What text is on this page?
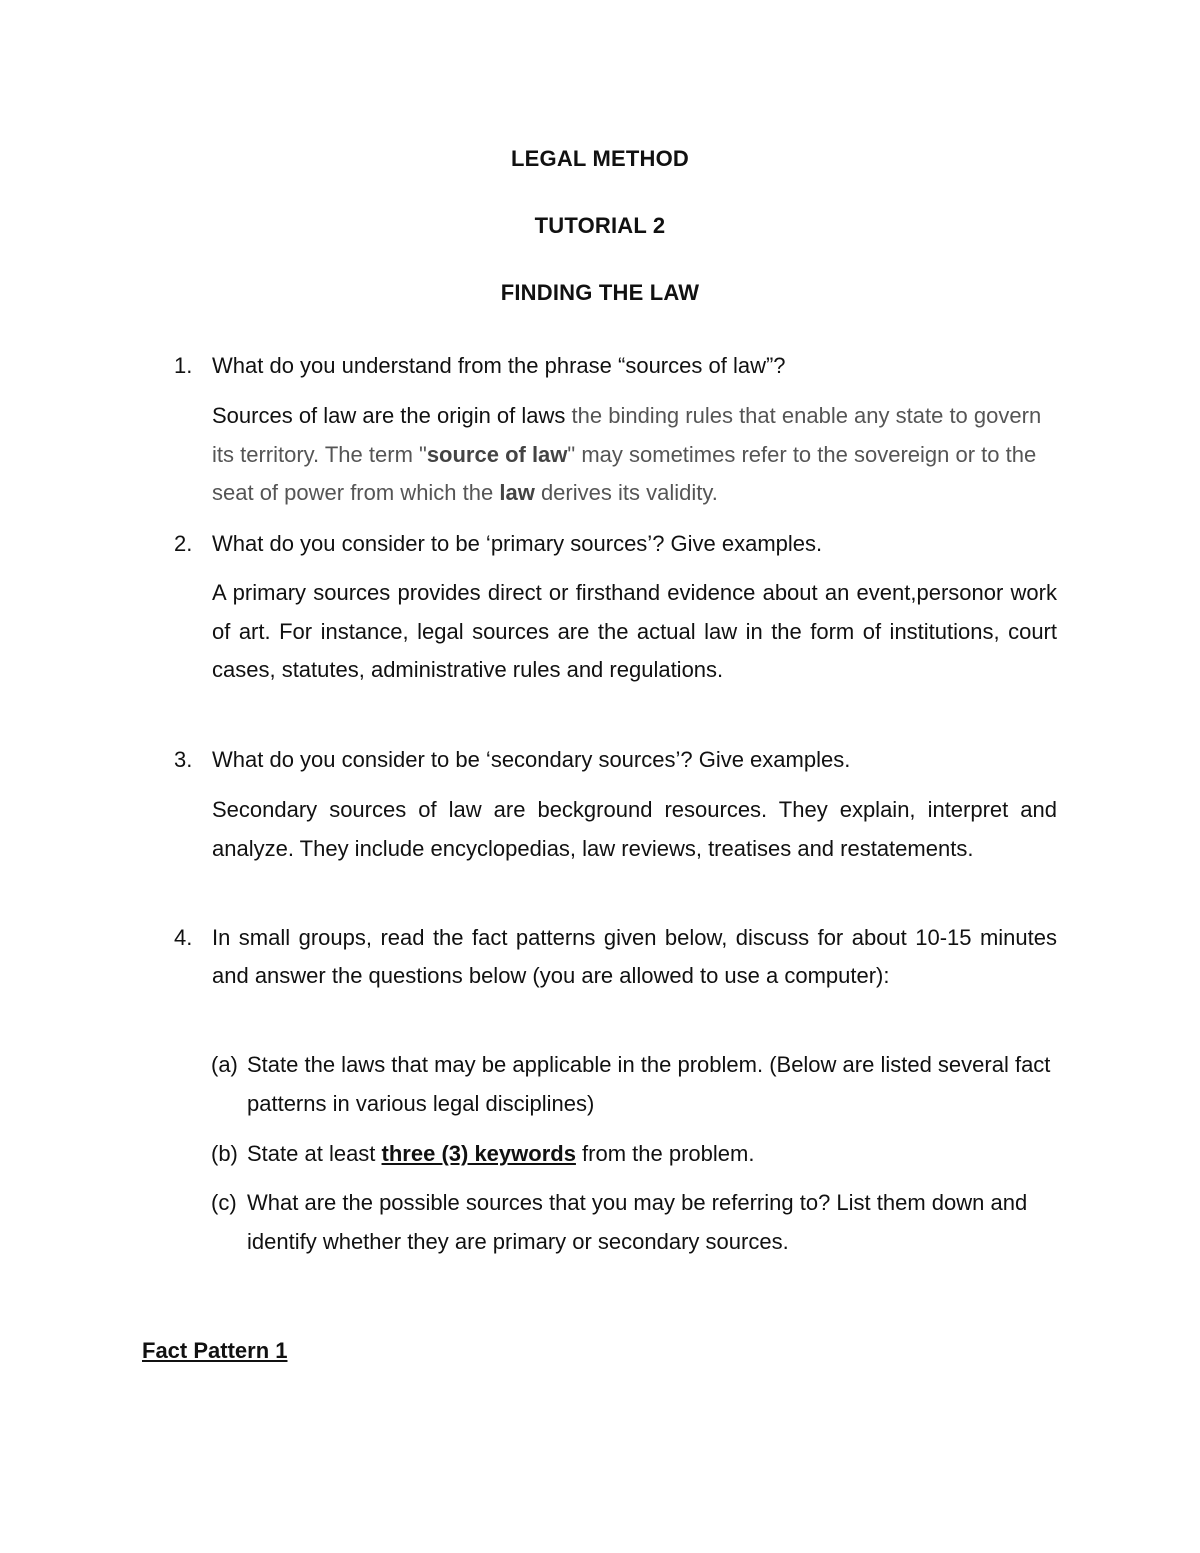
LEGAL METHOD

TUTORIAL 2

FINDING THE LAW

1. What do you understand from the phrase “sources of law”?

Sources of law are the origin of laws the binding rules that enable any state to govern its territory. The term "source of law" may sometimes refer to the sovereign or to the seat of power from which the law derives its validity.

2. What do you consider to be ‘primary sources’? Give examples.

A primary sources provides direct or firsthand evidence about an event,personor work of art. For instance, legal sources are the actual law in the form of institutions, court cases, statutes, administrative rules and regulations.

3. What do you consider to be ‘secondary sources’? Give examples.

Secondary sources of law are beckground resources. They explain, interpret and analyze. They include encyclopedias, law reviews, treatises and restatements.

4. In small groups, read the fact patterns given below, discuss for about 10-15 minutes and answer the questions below (you are allowed to use a computer):
(a) State the laws that may be applicable in the problem. (Below are listed several fact patterns in various legal disciplines)
(b) State at least three (3) keywords from the problem.
(c) What are the possible sources that you may be referring to? List them down and identify whether they are primary or secondary sources.

Fact Pattern 1
